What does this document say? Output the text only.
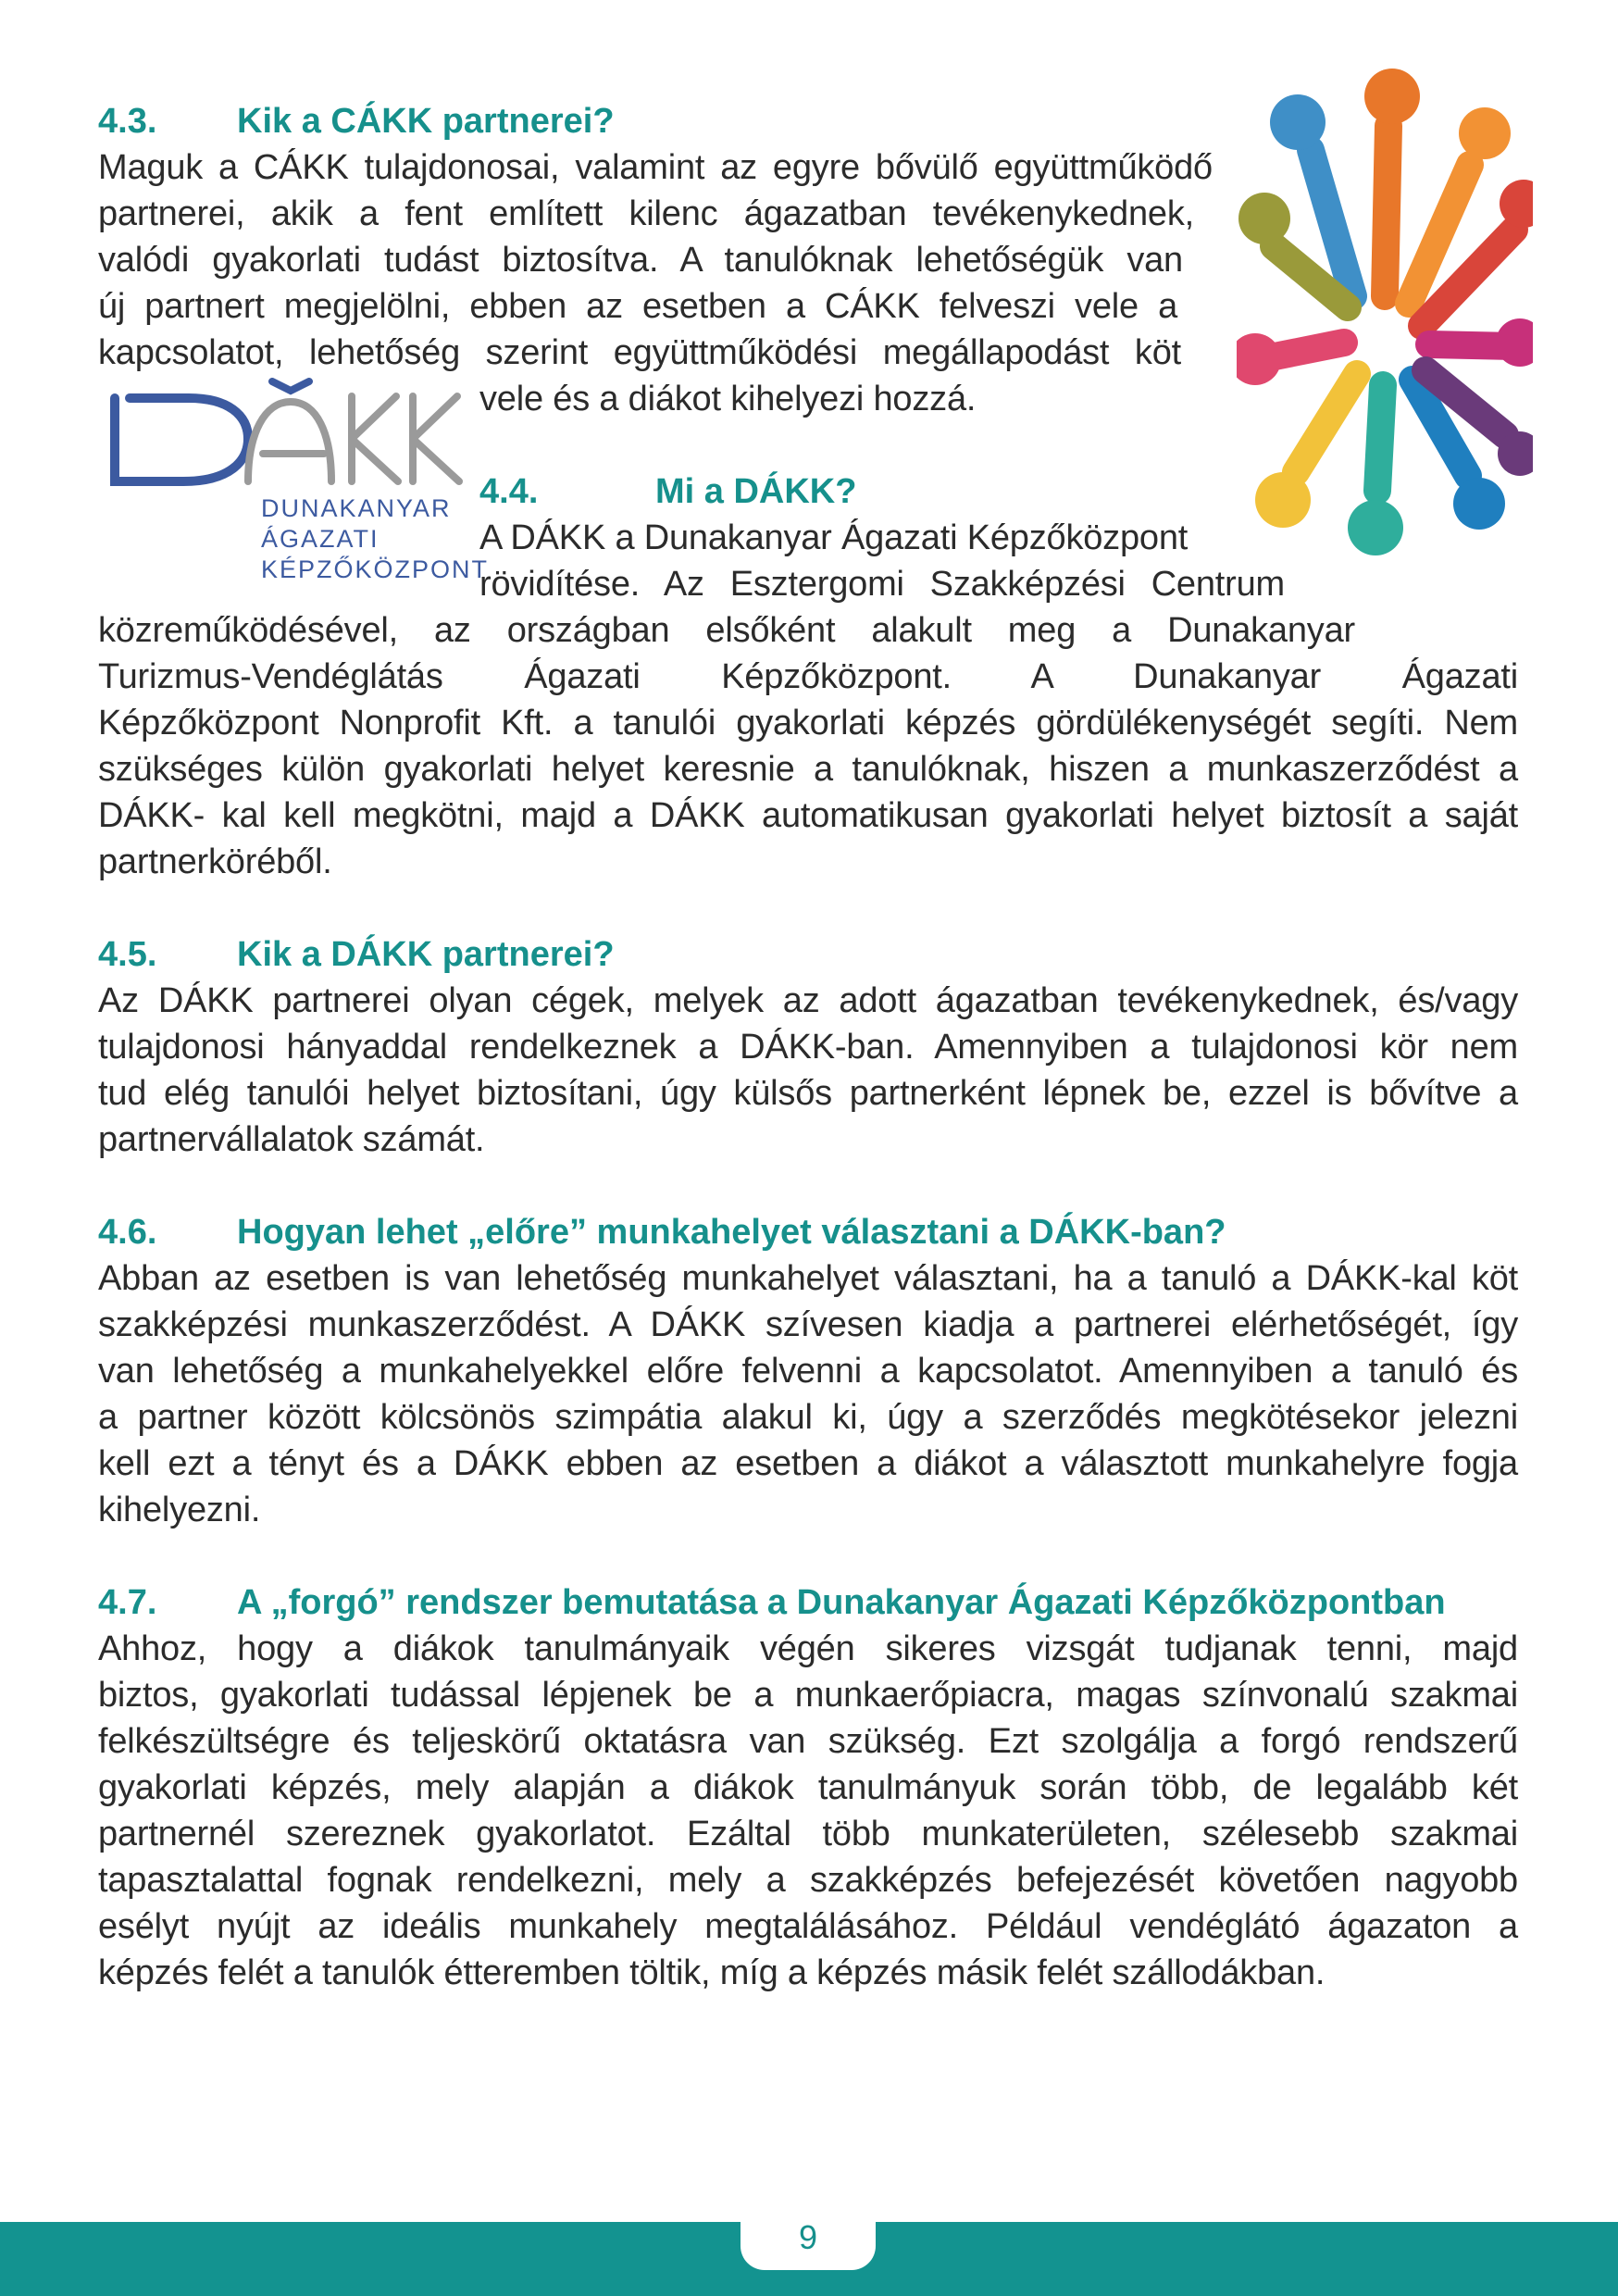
4.3. Kik a CÁKK partnerei?
Maguk a CÁKK tulajdonosai, valamint az egyre bővülő együttműködő
partnerei, akik a fent említett kilenc ágazatban tevékenykednek,
valódi gyakorlati tudást biztosítva. A tanulóknak lehetőségük van
új partnert megjelölni, ebben az esetben a CÁKK felveszi vele a
kapcsolatot, lehetőség szerint együttműködési megállapodást köt
vele és a diákot kihelyezi hozzá.
DUNAKANYAR
ÁGAZATI
KÉPZŐKÖZPONT
4.4.	Mi a DÁKK?
A DÁKK a Dunakanyar Ágazati Képzőközpont
rövidítése. Az Esztergomi Szakképzési Centrum
közreműködésével, az országban elsőként alakult meg a Dunakanyar
Turizmus-Vendéglátás Ágazati Képzőközpont. A Dunakanyar Ágazati
Képzőközpont Nonprofit Kft. a tanulói gyakorlati képzés gördülékenységét segíti. Nem
szükséges külön gyakorlati helyet keresnie a tanulóknak, hiszen a munkaszerződést a
DÁKK- kal kell megkötni, majd a DÁKK automatikusan gyakorlati helyet biztosít a saját
partnerköréből.
4.5. Kik a DÁKK partnerei?
Az DÁKK partnerei olyan cégek, melyek az adott ágazatban tevékenykednek, és/vagy
tulajdonosi hányaddal rendelkeznek a DÁKK-ban. Amennyiben a tulajdonosi kör nem
tud elég tanulói helyet biztosítani, úgy külsős partnerként lépnek be, ezzel is bővítve a
partnervállalatok számát.
4.6. Hogyan lehet „előre” munkahelyet választani a DÁKK-ban?
Abban az esetben is van lehetőség munkahelyet választani, ha a tanuló a DÁKK-kal köt
szakképzési munkaszerződést. A DÁKK szívesen kiadja a partnerei elérhetőségét, így
van lehetőség a munkahelyekkel előre felvenni a kapcsolatot. Amennyiben a tanuló és
a partner között kölcsönös szimpátia alakul ki, úgy a szerződés megkötésekor jelezni
kell ezt a tényt és a DÁKK ebben az esetben a diákot a választott munkahelyre fogja
kihelyezni.
4.7. A „forgó” rendszer bemutatása a Dunakanyar Ágazati Képzőközpontban
Ahhoz, hogy a diákok tanulmányaik végén sikeres vizsgát tudjanak tenni, majd
biztos, gyakorlati tudással lépjenek be a munkaerőpiacra, magas színvonalú szakmai
felkészültségre és teljeskörű oktatásra van szükség. Ezt szolgálja a forgó rendszerű
gyakorlati képzés, mely alapján a diákok tanulmányuk során több, de legalább két
partnernél szereznek gyakorlatot. Ezáltal több munkaterületen, szélesebb szakmai
tapasztalattal fognak rendelkezni, mely a szakképzés befejezését követően nagyobb
esélyt nyújt az ideális munkahely megtalálásához. Például vendéglátó ágazaton a
képzés felét a tanulók étteremben töltik, míg a képzés másik felét szállodákban.
9
